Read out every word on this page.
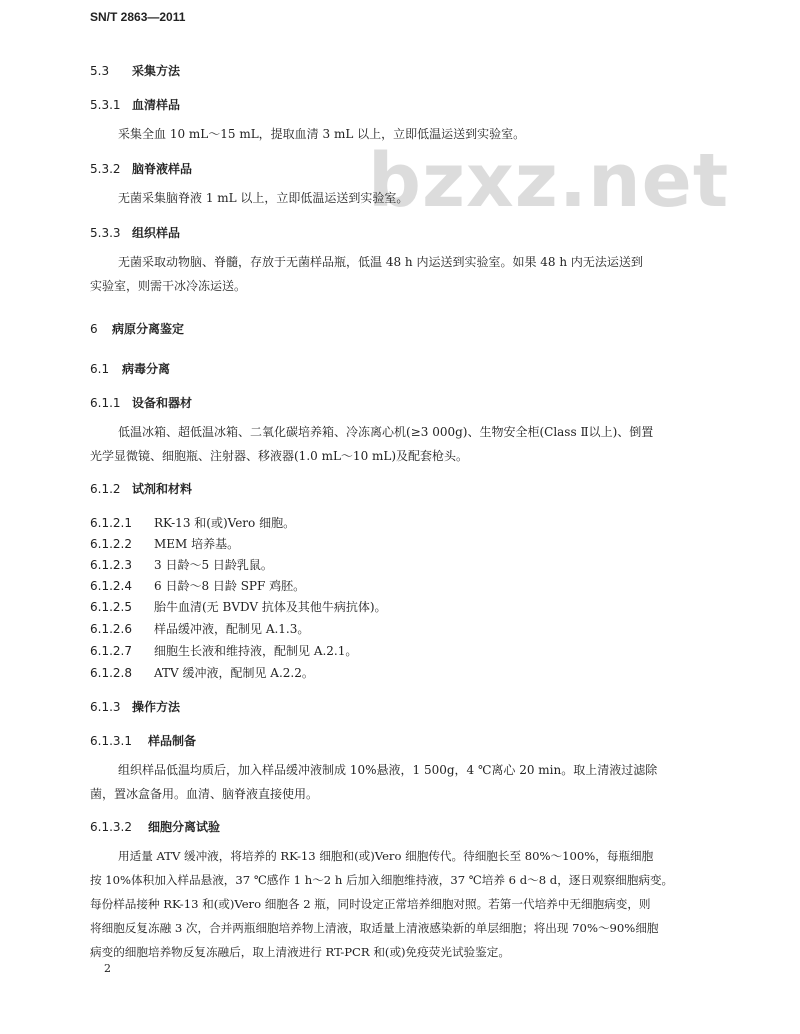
SN/T 2863—2011
bzxz.net
5.3 采集方法
5.3.1 血清样品
采集全血 10 mL～15 mL，提取血清 3 mL 以上，立即低温运送到实验室。
5.3.2 脑脊液样品
无菌采集脑脊液 1 mL 以上，立即低温运送到实验室。
5.3.3 组织样品
无菌采取动物脑、脊髓，存放于无菌样品瓶，低温 48 h 内运送到实验室。如果 48 h 内无法运送到
实验室，则需干冰冷冻运送。
6 病原分离鉴定
6.1 病毒分离
6.1.1 设备和器材
低温冰箱、超低温冰箱、二氧化碳培养箱、冷冻离心机(≥3 000g)、生物安全柜(Class Ⅱ以上)、倒置
光学显微镜、细胞瓶、注射器、移液器(1.0 mL～10 mL)及配套枪头。
6.1.2 试剂和材料
6.1.2.1 RK-13 和(或)Vero 细胞。
6.1.2.2 MEM 培养基。
6.1.2.3 3 日龄～5 日龄乳鼠。
6.1.2.4 6 日龄～8 日龄 SPF 鸡胚。
6.1.2.5 胎牛血清(无 BVDV 抗体及其他牛病抗体)。
6.1.2.6 样品缓冲液，配制见 A.1.3。
6.1.2.7 细胞生长液和维持液，配制见 A.2.1。
6.1.2.8 ATV 缓冲液，配制见 A.2.2。
6.1.3 操作方法
6.1.3.1 样品制备
组织样品低温均质后，加入样品缓冲液制成 10%悬液，1 500g，4 ℃离心 20 min。取上清液过滤除
菌，置冰盒备用。血清、脑脊液直接使用。
6.1.3.2 细胞分离试验
用适量 ATV 缓冲液，将培养的 RK-13 细胞和(或)Vero 细胞传代。待细胞长至 80%～100%，每瓶细胞
按 10%体积加入样品悬液，37 ℃感作 1 h～2 h 后加入细胞维持液，37 ℃培养 6 d～8 d，逐日观察细胞病变。
每份样品接种 RK-13 和(或)Vero 细胞各 2 瓶，同时设定正常培养细胞对照。若第一代培养中无细胞病变，则
将细胞反复冻融 3 次，合并两瓶细胞培养物上清液，取适量上清液感染新的单层细胞；将出现 70%～90%细胞
病变的细胞培养物反复冻融后，取上清液进行 RT-PCR 和(或)免疫荧光试验鉴定。
2
